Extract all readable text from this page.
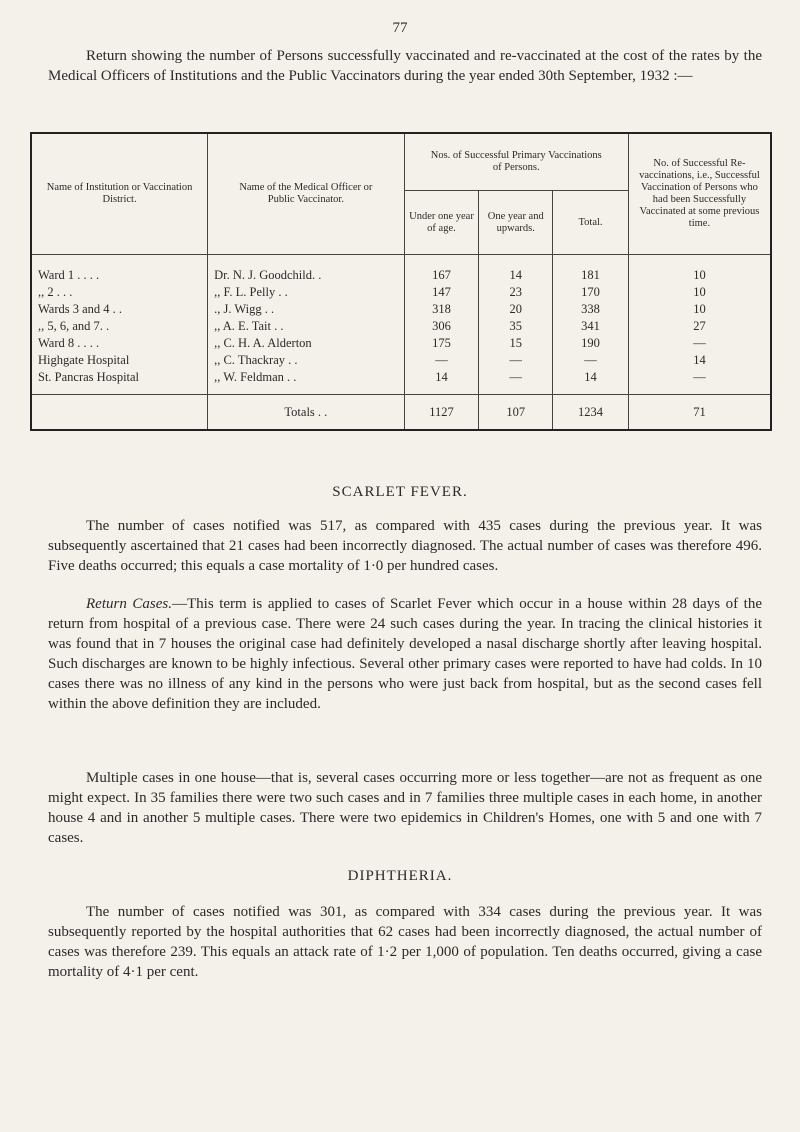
77
Return showing the number of Persons successfully vaccinated and re-vaccinated at the cost of the rates by the Medical Officers of Institutions and the Public Vaccinators during the year ended 30th September, 1932 :—
Name of Institution or Vaccination District.	Name of the Medical Officer or Public Vaccinator.	Nos. of Successful Primary Vaccinations of Persons.			No. of Successful Re-vaccinations, i.e., Successful Vaccination of Persons who had been Successfully Vaccinated at some previous time.
		Under one year of age.	One year and upwards.	Total.	
Ward 1 . . . .	Dr. N. J. Goodchild. .	167	14	181	10
,, 2 . . .	,, F. L. Pelly . .	147	23	170	10
Wards 3 and 4 . .	., J. Wigg . .	318	20	338	10
,, 5, 6, and 7. .	,, A. E. Tait . .	306	35	341	27
Ward 8 . . . .	,, C. H. A. Alderton	175	15	190	—
Highgate Hospital	,, C. Thackray . .	—	—	—	14
St. Pancras Hospital	,, W. Feldman . .	14	—	14	—
	Totals . .	1127	107	1234	71
SCARLET FEVER.

The number of cases notified was 517, as compared with 435 cases during the previous year. It was subsequently ascertained that 21 cases had been incorrectly diagnosed. The actual number of cases was therefore 496. Five deaths occurred; this equals a case mortality of 1·0 per hundred cases.

Return Cases.—This term is applied to cases of Scarlet Fever which occur in a house within 28 days of the return from hospital of a previous case. There were 24 such cases during the year. In tracing the clinical histories it was found that in 7 houses the original case had definitely developed a nasal discharge shortly after leaving hospital. Such discharges are known to be highly infectious. Several other primary cases were reported to have had colds. In 10 cases there was no illness of any kind in the persons who were just back from hospital, but as the second cases fell within the above definition they are included.

Multiple cases in one house—that is, several cases occurring more or less together—are not as frequent as one might expect. In 35 families there were two such cases and in 7 families three multiple cases in each home, in another house 4 and in another 5 multiple cases. There were two epidemics in Children's Homes, one with 5 and one with 7 cases.

DIPHTHERIA.

The number of cases notified was 301, as compared with 334 cases during the previous year. It was subsequently reported by the hospital authorities that 62 cases had been incorrectly diagnosed, the actual number of cases was therefore 239. This equals an attack rate of 1·2 per 1,000 of population. Ten deaths occurred, giving a case mortality of 4·1 per cent.
